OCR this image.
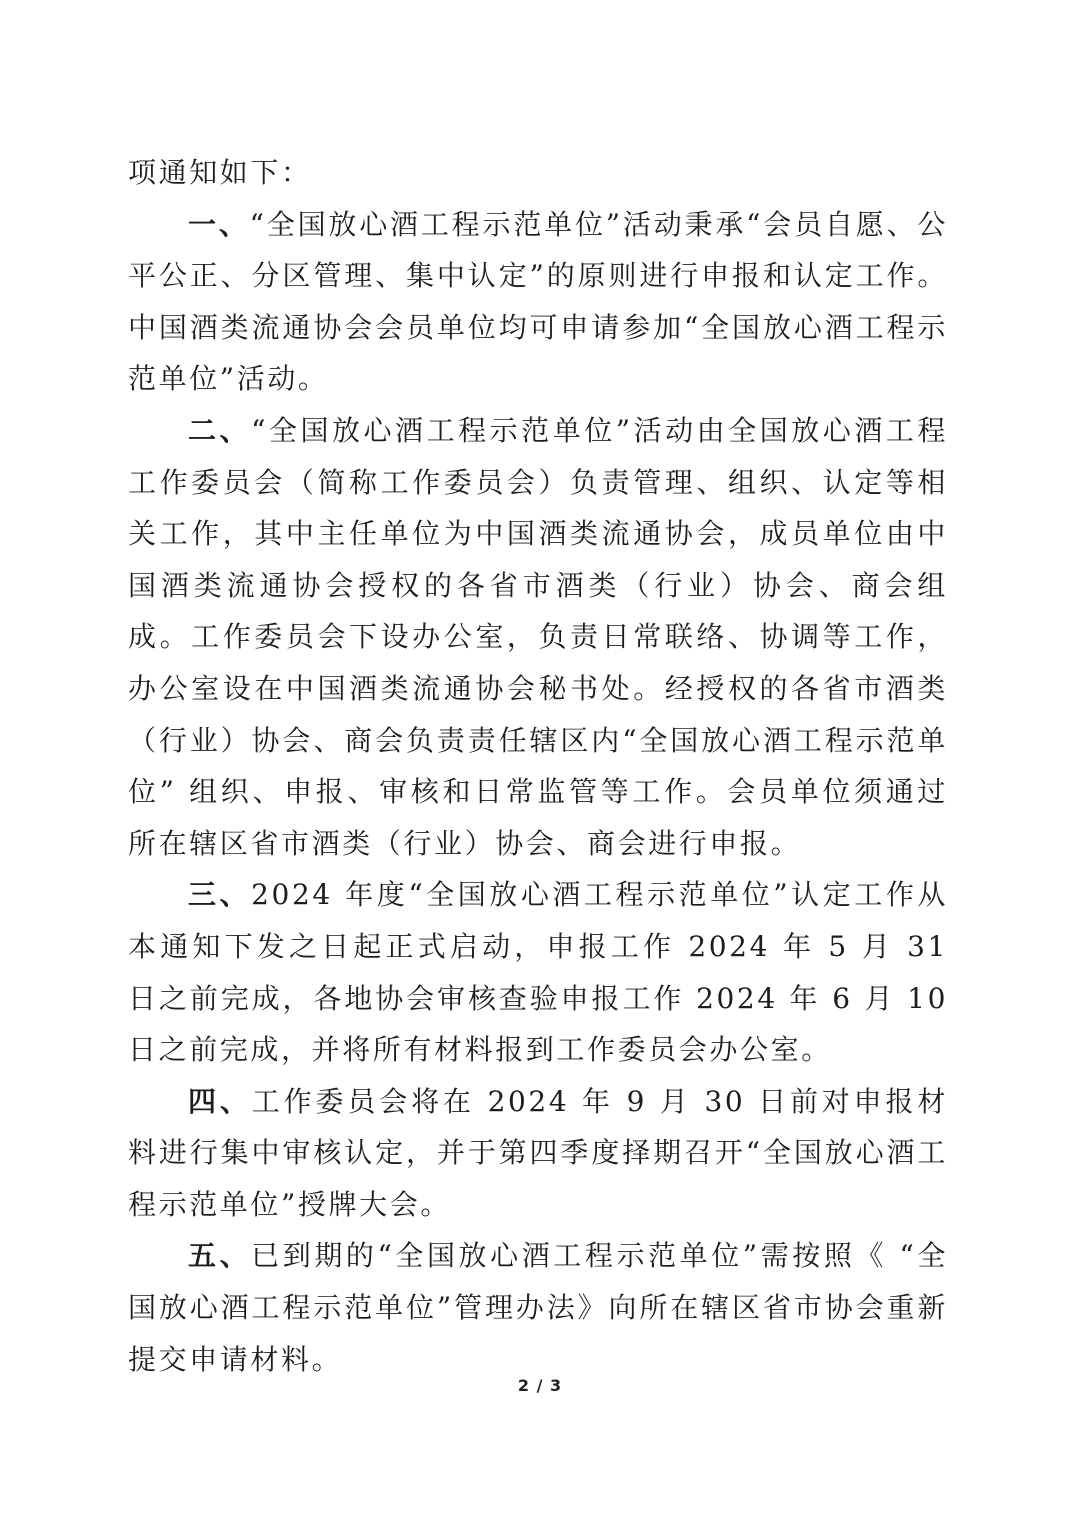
项通知如下：

一、“全国放心酒工程示范单位”活动秉承“会员自愿、公平公正、分区管理、集中认定”的原则进行申报和认定工作。中国酒类流通协会会员单位均可申请参加“全国放心酒工程示范单位”活动。

二、“全国放心酒工程示范单位”活动由全国放心酒工程工作委员会（简称工作委员会）负责管理、组织、认定等相关工作，其中主任单位为中国酒类流通协会，成员单位由中国酒类流通协会授权的各省市酒类（行业）协会、商会组成。工作委员会下设办公室，负责日常联络、协调等工作，办公室设在中国酒类流通协会秘书处。经授权的各省市酒类（行业）协会、商会负责责任辖区内“全国放心酒工程示范单位” 组织、申报、审核和日常监管等工作。会员单位须通过所在辖区省市酒类（行业）协会、商会进行申报。

三、2024 年度“全国放心酒工程示范单位”认定工作从本通知下发之日起正式启动，申报工作 2024 年 5 月 31 日之前完成，各地协会审核查验申报工作 2024 年 6 月 10 日之前完成，并将所有材料报到工作委员会办公室。

四、工作委员会将在 2024 年 9 月 30 日前对申报材料进行集中审核认定，并于第四季度择期召开“全国放心酒工程示范单位”授牌大会。

五、已到期的“全国放心酒工程示范单位”需按照《 “全国放心酒工程示范单位”管理办法》向所在辖区省市协会重新提交申请材料。

2 / 3
